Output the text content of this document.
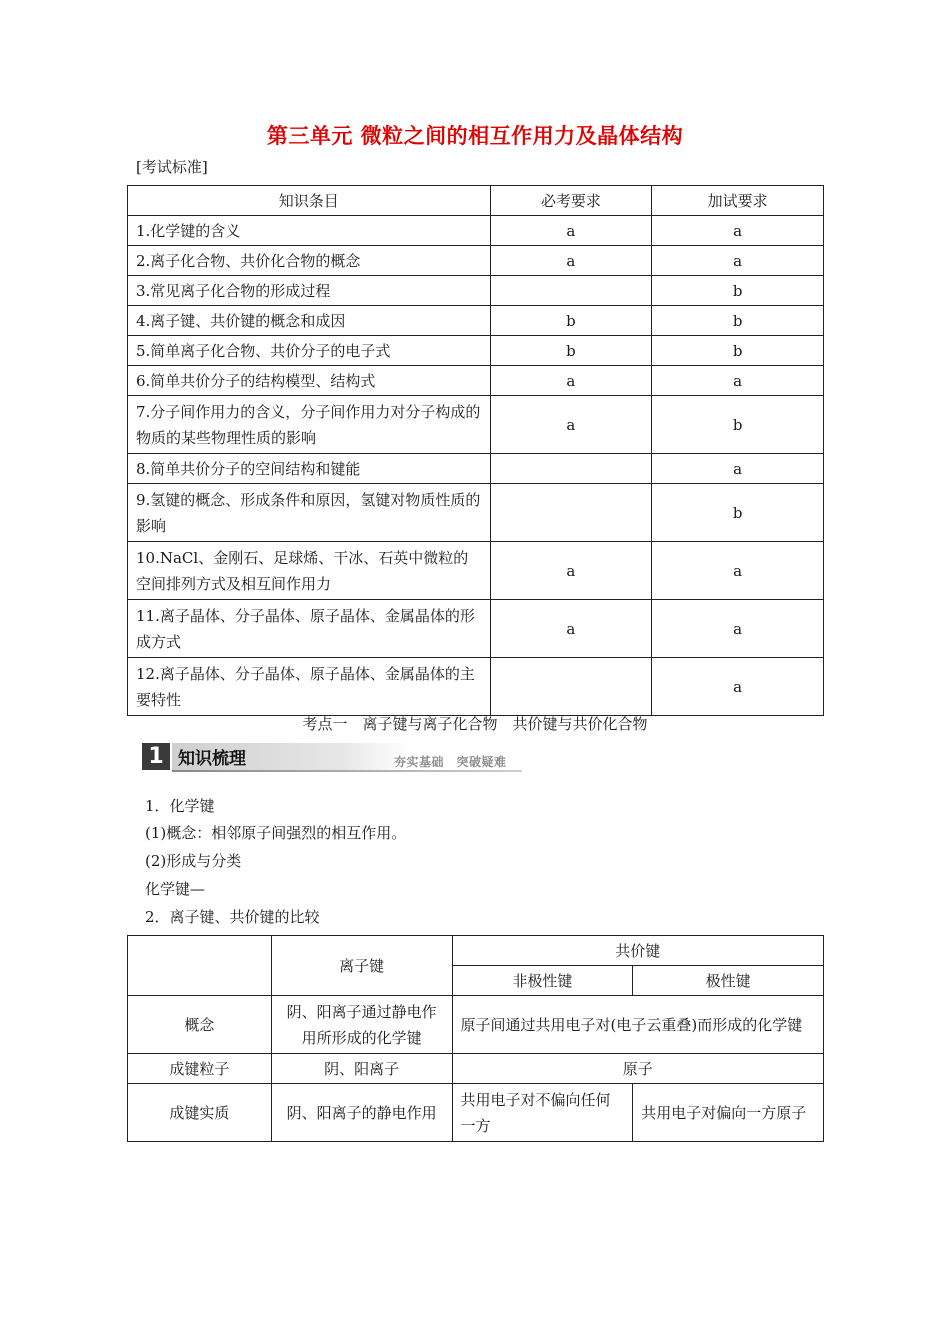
第三单元 微粒之间的相互作用力及晶体结构
[考试标准]
知识条目	必考要求	加试要求
1.化学键的含义	a	a
2.离子化合物、共价化合物的概念	a	a
3.常见离子化合物的形成过程		b
4.离子键、共价键的概念和成因	b	b
5.简单离子化合物、共价分子的电子式	b	b
6.简单共价分子的结构模型、结构式	a	a
7.分子间作用力的含义，分子间作用力对分子构成的物质的某些物理性质的影响	a	b
8.简单共价分子的空间结构和键能		a
9.氢键的概念、形成条件和原因，氢键对物质性质的影响		b
10.NaCl、金刚石、足球烯、干冰、石英中微粒的空间排列方式及相互间作用力	a	a
11.离子晶体、分子晶体、原子晶体、金属晶体的形成方式	a	a
12.离子晶体、分子晶体、原子晶体、金属晶体的主要特性		a
考点一　离子键与离子化合物　共价键与共价化合物
1 知识梳理	夯实基础　突破疑难
1．化学键
(1)概念：相邻原子间强烈的相互作用。
(2)形成与分类
化学键—
2．离子键、共价键的比较
	离子键	共价键	
		非极性键	极性键
概念	阴、阳离子通过静电作用所形成的化学键	原子间通过共用电子对(电子云重叠)而形成的化学键	
成键粒子	阴、阳离子	原子	
成键实质	阴、阳离子的静电作用	共用电子对不偏向任何一方	共用电子对偏向一方原子
